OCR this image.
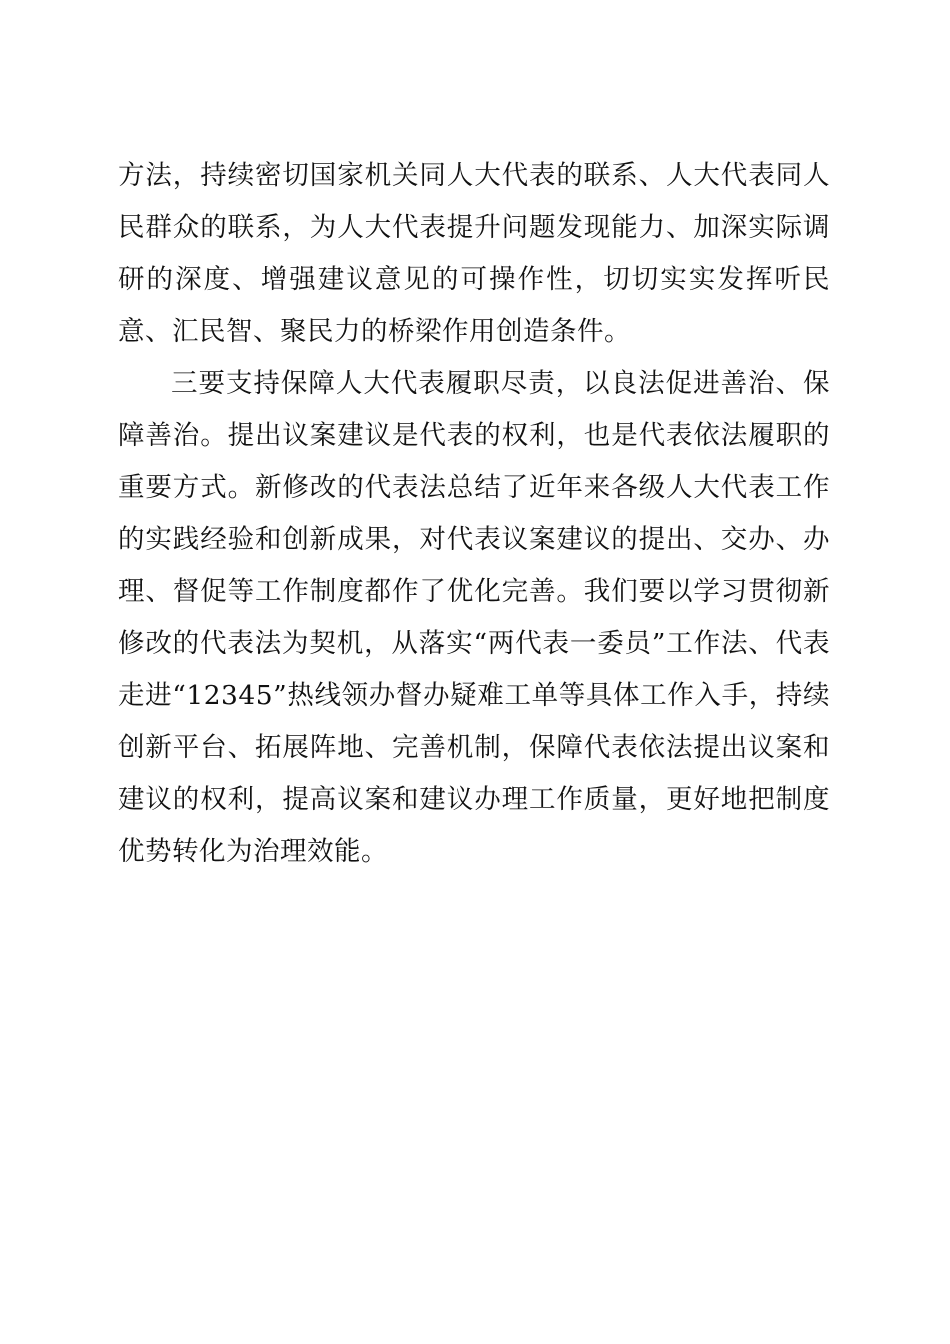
方法，持续密切国家机关同人大代表的联系、人大代表同人民群众的联系，为人大代表提升问题发现能力、加深实际调研的深度、增强建议意见的可操作性，切切实实发挥听民意、汇民智、聚民力的桥梁作用创造条件。

三要支持保障人大代表履职尽责，以良法促进善治、保障善治。提出议案建议是代表的权利，也是代表依法履职的重要方式。新修改的代表法总结了近年来各级人大代表工作的实践经验和创新成果，对代表议案建议的提出、交办、办理、督促等工作制度都作了优化完善。我们要以学习贯彻新修改的代表法为契机，从落实“两代表一委员”工作法、代表走进“12345”热线领办督办疑难工单等具体工作入手，持续创新平台、拓展阵地、完善机制，保障代表依法提出议案和建议的权利，提高议案和建议办理工作质量，更好地把制度优势转化为治理效能。
